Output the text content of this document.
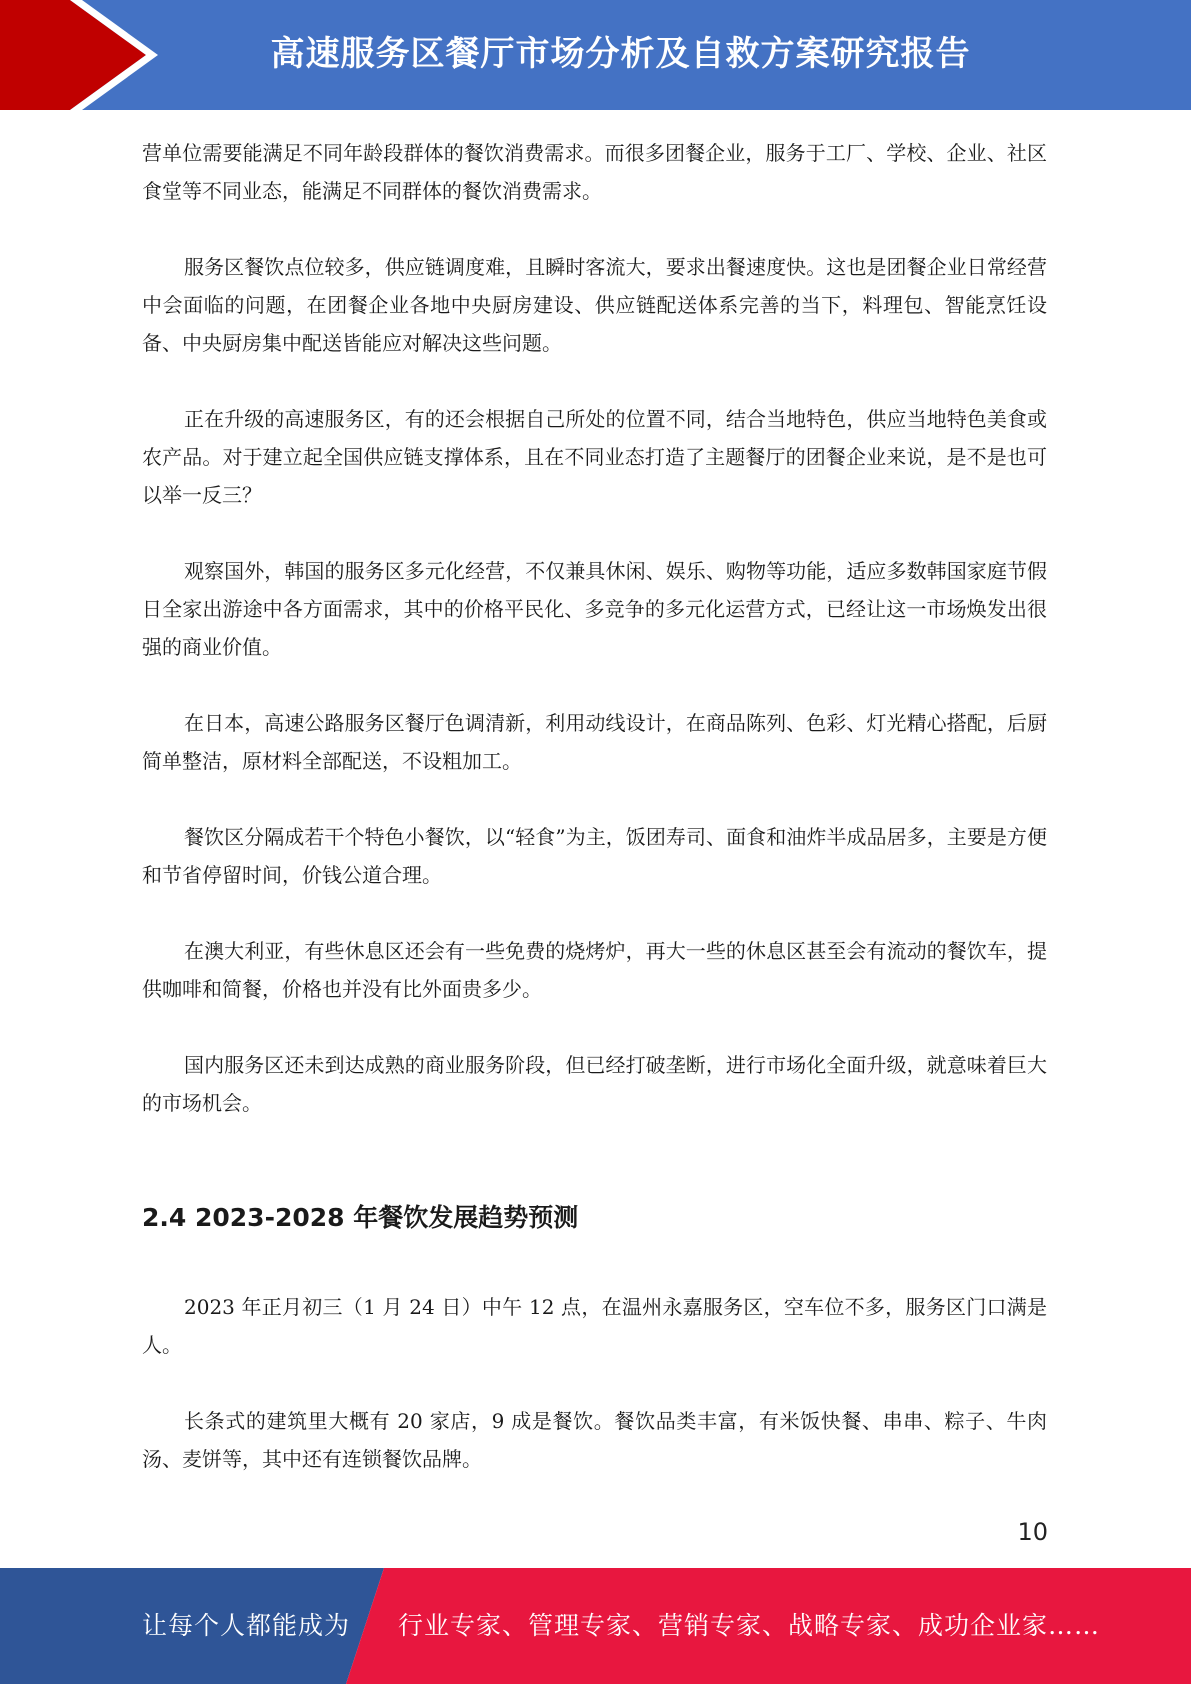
高速服务区餐厅市场分析及自救方案研究报告

营单位需要能满足不同年龄段群体的餐饮消费需求。而很多团餐企业，服务于工厂、学校、企业、社区食堂等不同业态，能满足不同群体的餐饮消费需求。

服务区餐饮点位较多，供应链调度难，且瞬时客流大，要求出餐速度快。这也是团餐企业日常经营中会面临的问题，在团餐企业各地中央厨房建设、供应链配送体系完善的当下，料理包、智能烹饪设备、中央厨房集中配送皆能应对解决这些问题。

正在升级的高速服务区，有的还会根据自己所处的位置不同，结合当地特色，供应当地特色美食或农产品。对于建立起全国供应链支撑体系，且在不同业态打造了主题餐厅的团餐企业来说，是不是也可以举一反三？

观察国外，韩国的服务区多元化经营，不仅兼具休闲、娱乐、购物等功能，适应多数韩国家庭节假日全家出游途中各方面需求，其中的价格平民化、多竞争的多元化运营方式，已经让这一市场焕发出很强的商业价值。

在日本，高速公路服务区餐厅色调清新，利用动线设计，在商品陈列、色彩、灯光精心搭配，后厨简单整洁，原材料全部配送，不设粗加工。

餐饮区分隔成若干个特色小餐饮，以“轻食”为主，饭团寿司、面食和油炸半成品居多，主要是方便和节省停留时间，价钱公道合理。

在澳大利亚，有些休息区还会有一些免费的烧烤炉，再大一些的休息区甚至会有流动的餐饮车，提供咖啡和简餐，价格也并没有比外面贵多少。

国内服务区还未到达成熟的商业服务阶段，但已经打破垄断，进行市场化全面升级，就意味着巨大的市场机会。

2.4 2023-2028 年餐饮发展趋势预测

2023 年正月初三（1 月 24 日）中午 12 点，在温州永嘉服务区，空车位不多，服务区门口满是人。

长条式的建筑里大概有 20 家店，9 成是餐饮。餐饮品类丰富，有米饭快餐、串串、粽子、牛肉汤、麦饼等，其中还有连锁餐饮品牌。

10
让每个人都能成为 行业专家、管理专家、营销专家、战略专家、成功企业家……
